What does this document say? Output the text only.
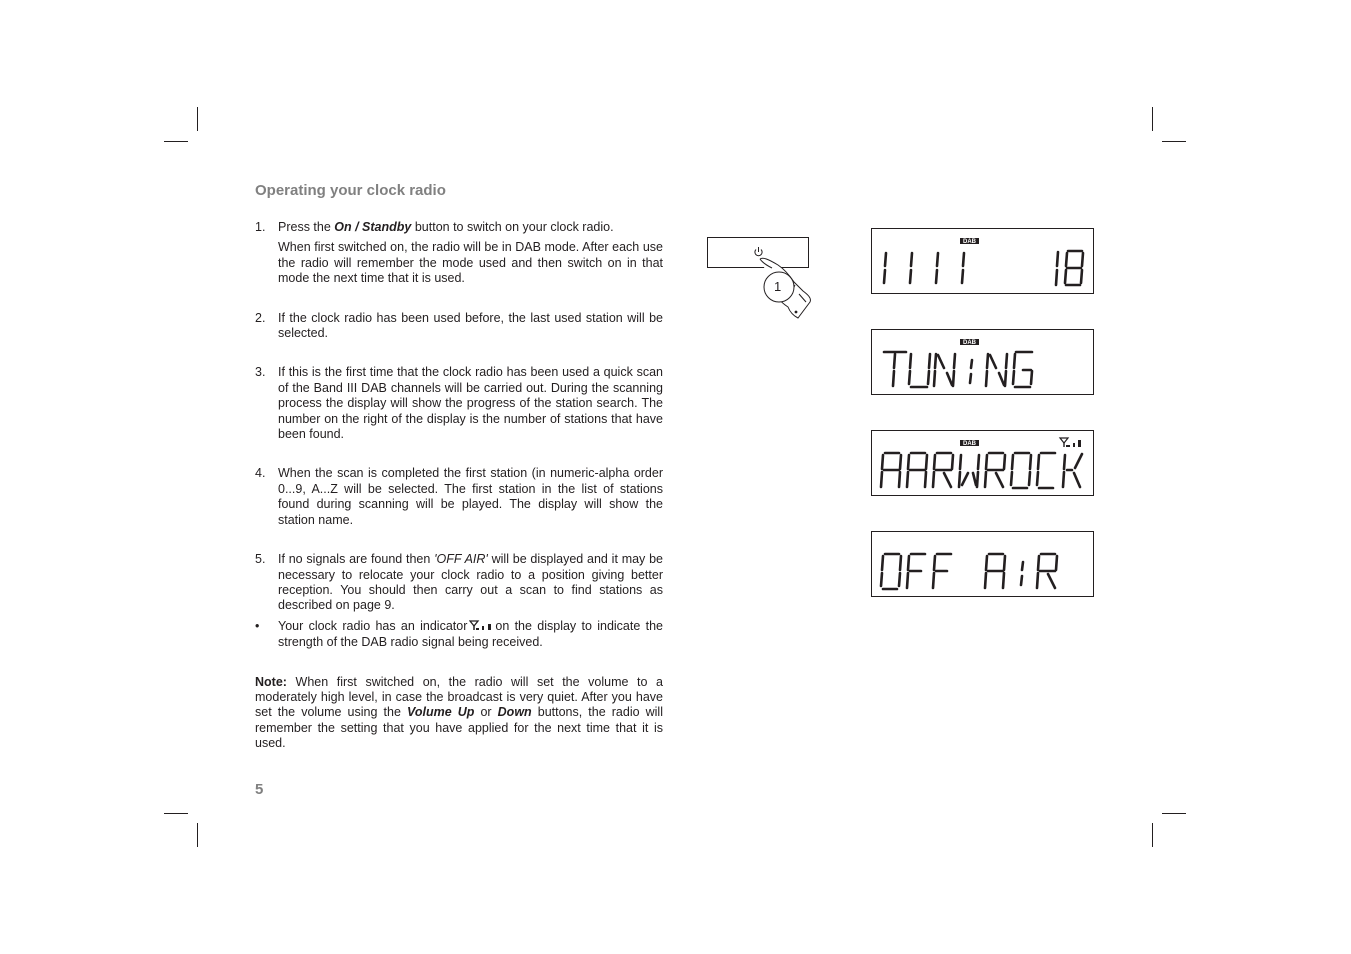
Operating your clock radio
1. Press the On / Standby button to switch on your clock radio.

When first switched on, the radio will be in DAB mode. After each use the radio will remember the mode used and then switch on in that mode the next time that it is used.

2. If the clock radio has been used before, the last used station will be selected.

3. If this is the first time that the clock radio has been used a quick scan of the Band III DAB channels will be carried out. During the scanning process the display will show the progress of the station search. The number on the right of the display is the number of stations that have been found.

4. When the scan is completed the first station (in numeric-alpha order 0...9, A...Z will be selected. The first station in the list of stations found during scanning will be played. The display will show the station name.

5. If no signals are found then 'OFF AIR' will be displayed and it may be necessary to relocate your clock radio to a position giving better reception. You should then carry out a scan to find stations as described on page 9.

• Your clock radio has an indicator on the display to indicate the strength of the DAB radio signal being received.

Note: When first switched on, the radio will set the volume to a moderately high level, in case the broadcast is very quiet. After you have set the volume using the Volume Up or Down buttons, the radio will remember the setting that you have applied for the next time that it is used.

5
1
DAB
DAB
DAB
